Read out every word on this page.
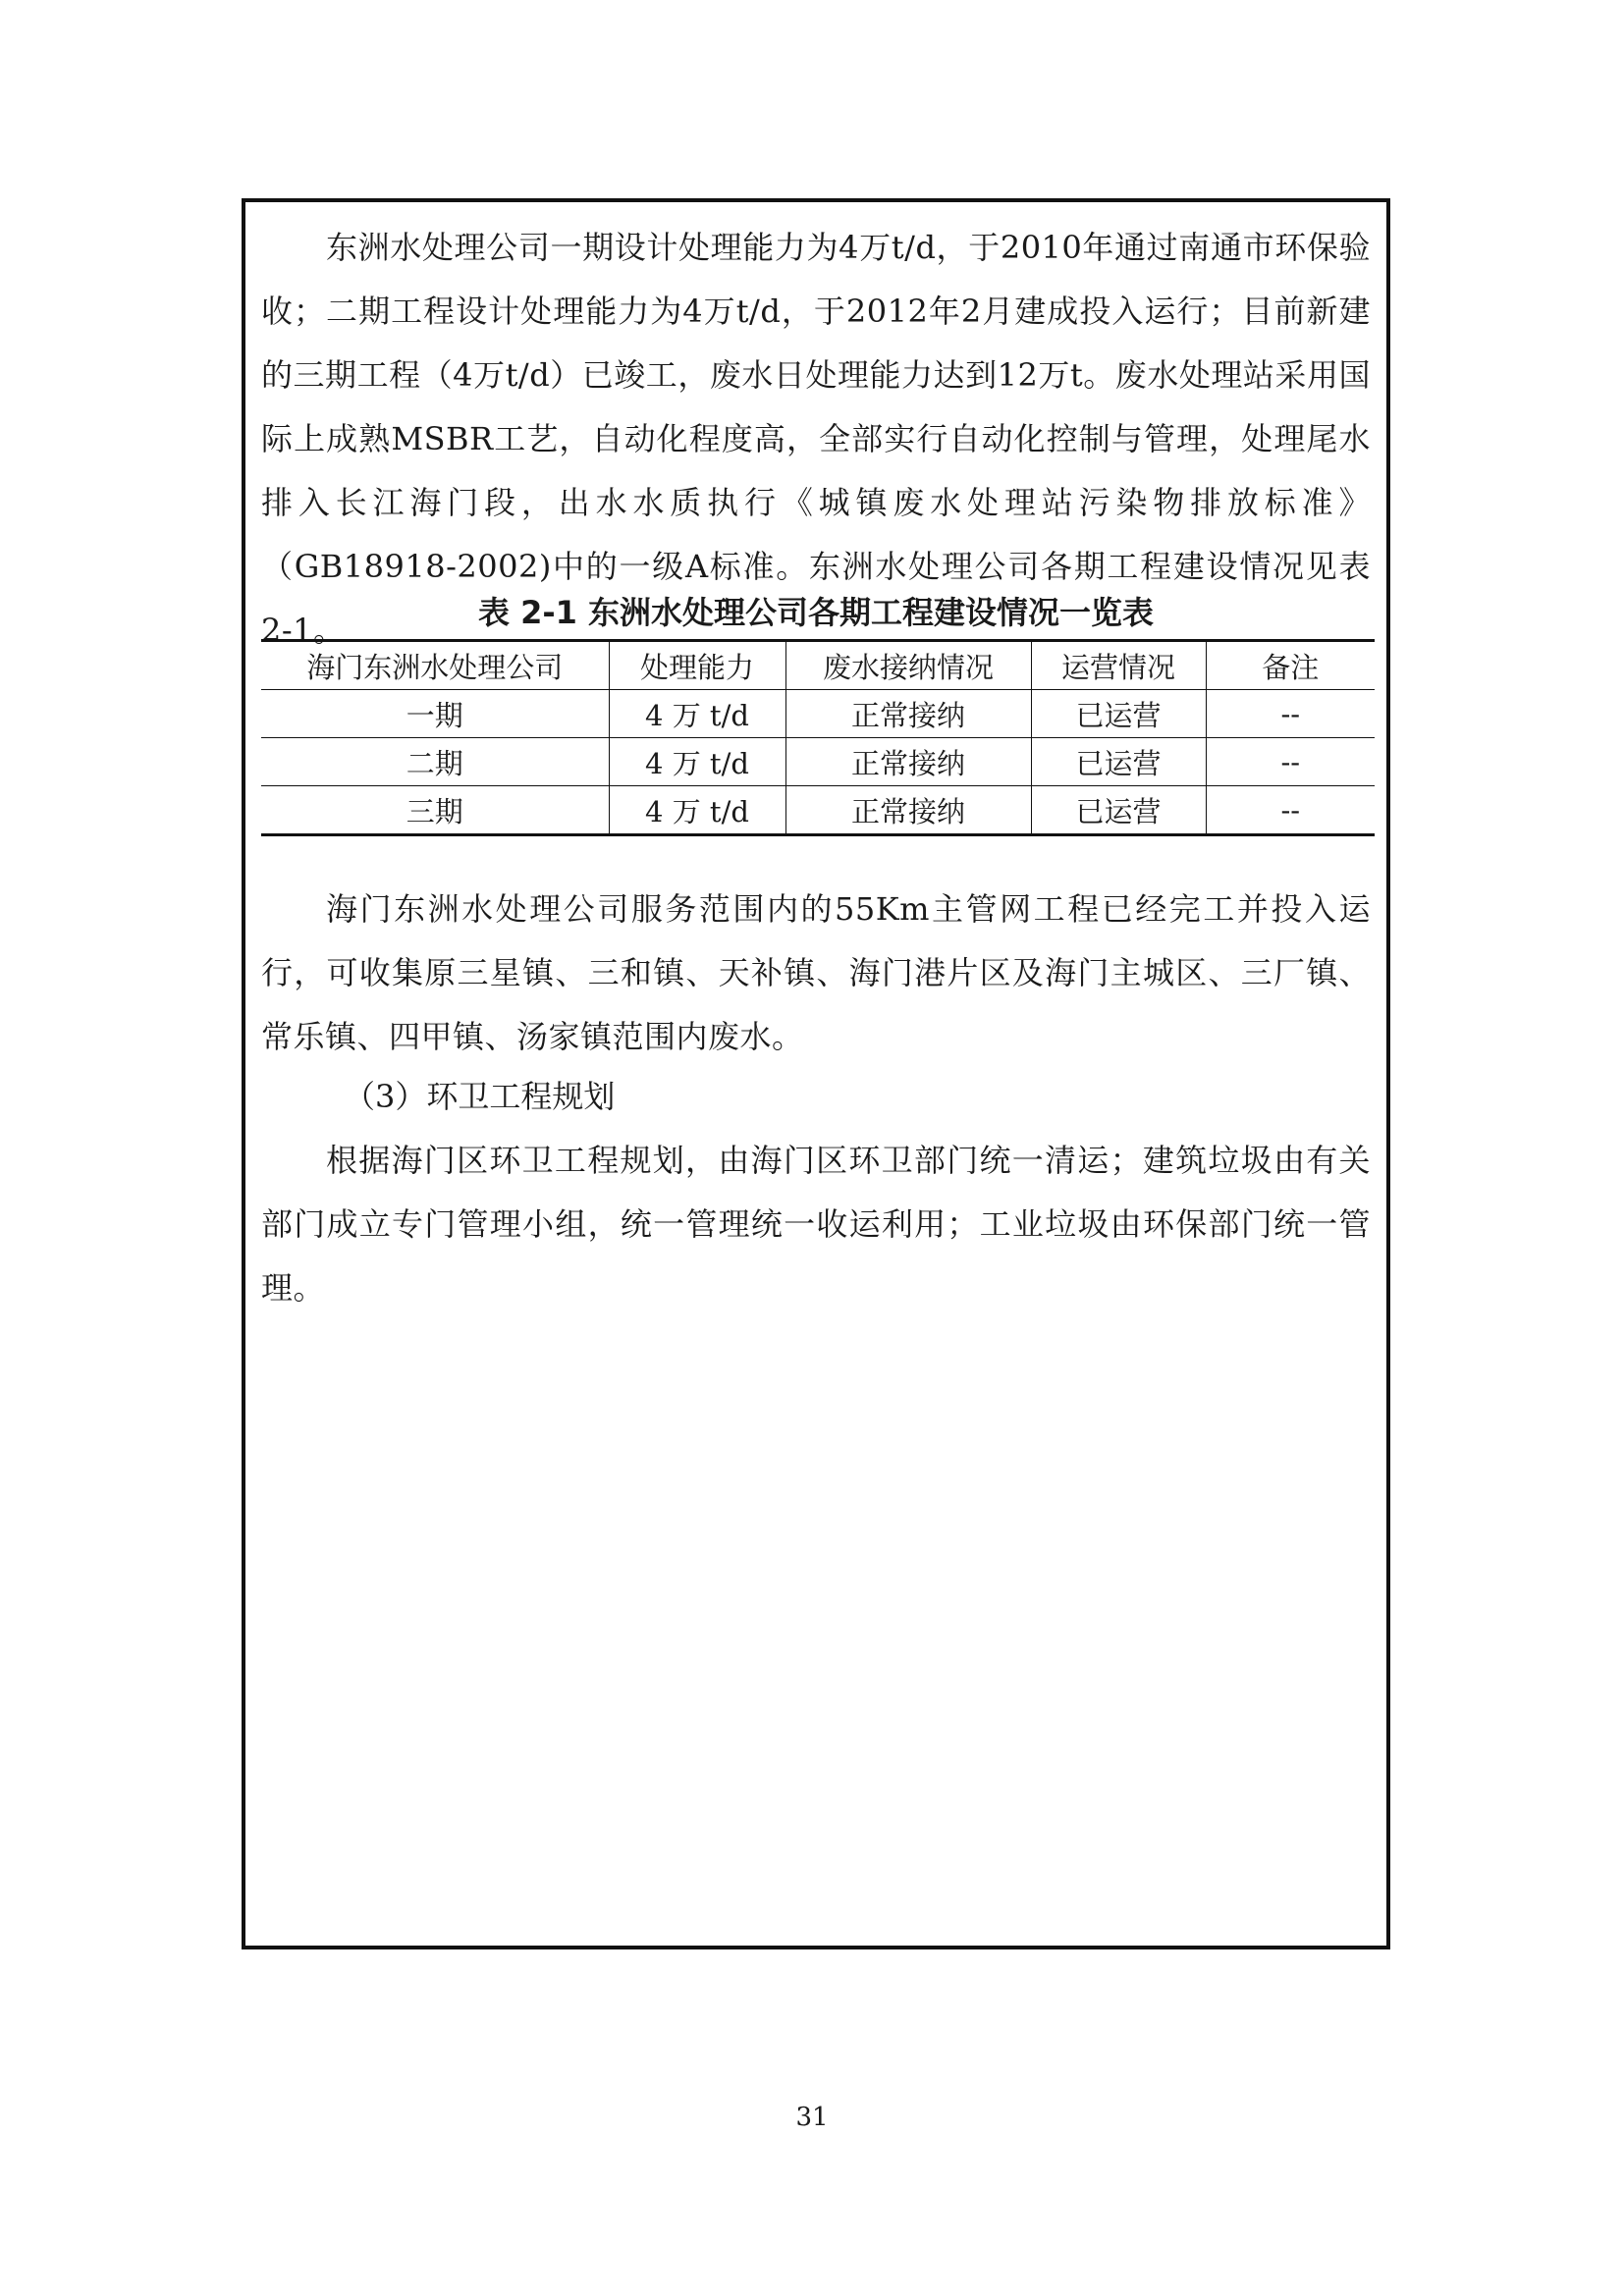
东洲水处理公司一期设计处理能力为4万t/d，于2010年通过南通市环保验收；二期工程设计处理能力为4万t/d，于2012年2月建成投入运行；目前新建的三期工程（4万t/d）已竣工，废水日处理能力达到12万t。废水处理站采用国际上成熟MSBR工艺，自动化程度高，全部实行自动化控制与管理，处理尾水排入长江海门段，出水水质执行《城镇废水处理站污染物排放标准》（GB18918-2002)中的一级A标准。东洲水处理公司各期工程建设情况见表2-1。	表 2-1 东洲水处理公司各期工程建设情况一览表

海门东洲水处理公司	处理能力	废水接纳情况	运营情况	备注
一期	4 万 t/d	正常接纳	已运营	--
二期	4 万 t/d	正常接纳	已运营	--
三期	4 万 t/d	正常接纳	已运营	--

海门东洲水处理公司服务范围内的55Km主管网工程已经完工并投入运行，可收集原三星镇、三和镇、天补镇、海门港片区及海门主城区、三厂镇、常乐镇、四甲镇、汤家镇范围内废水。

（3）环卫工程规划

根据海门区环卫工程规划，由海门区环卫部门统一清运；建筑垃圾由有关部门成立专门管理小组，统一管理统一收运利用；工业垃圾由环保部门统一管理。

31
